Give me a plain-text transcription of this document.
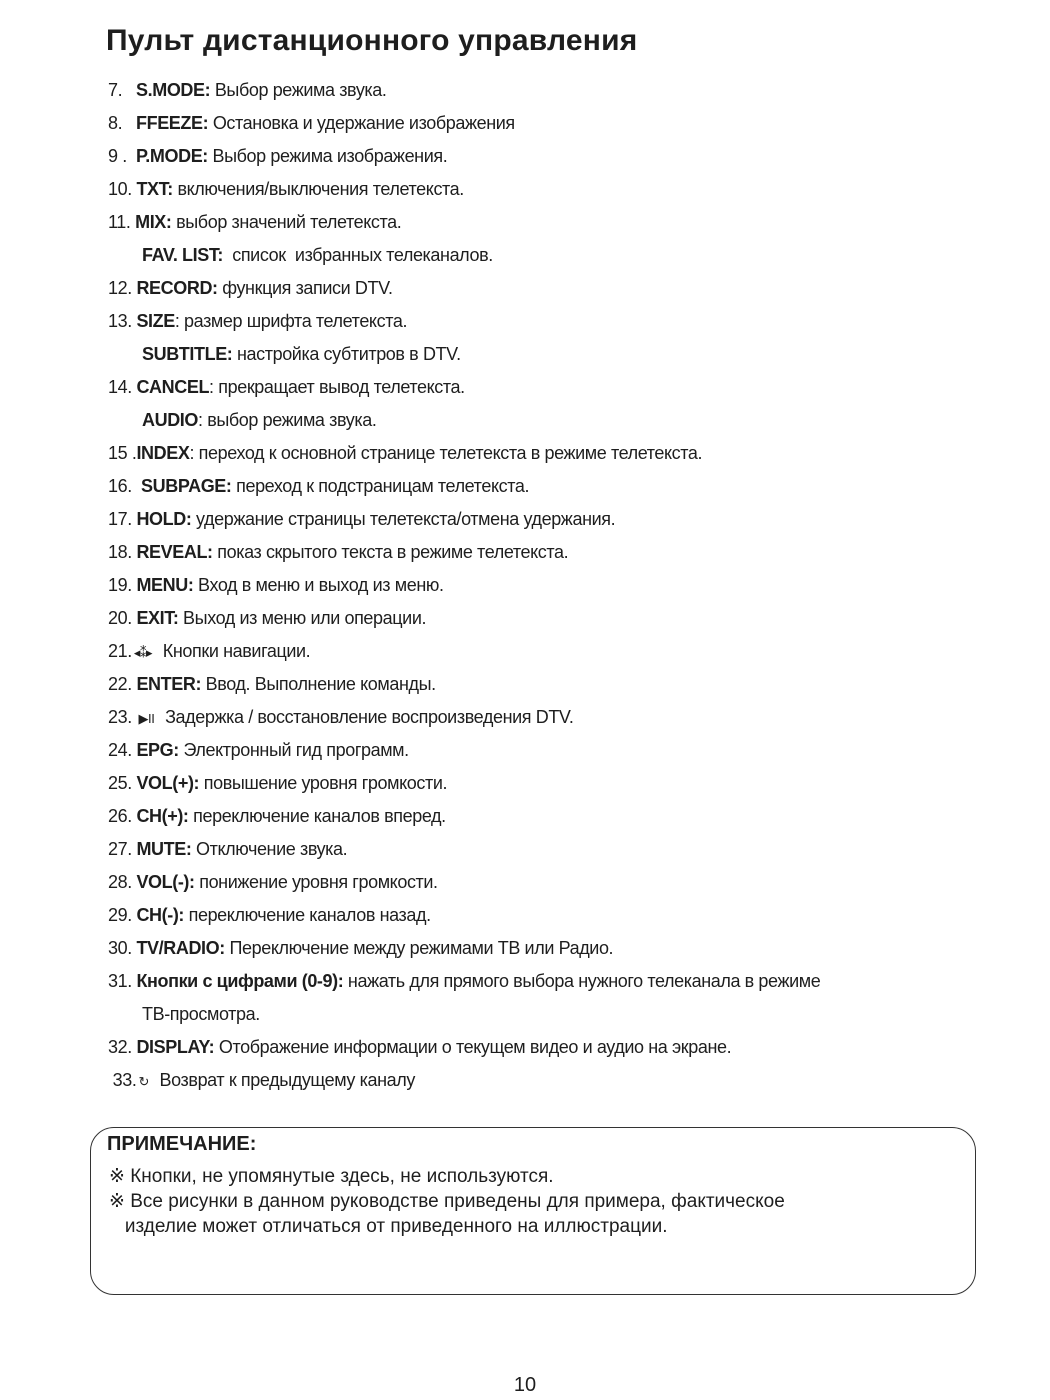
Пульт дистанционного управления
7.   S.MODE: Выбор режима звука.
8.   FFEEZE: Остановка и удержание изображения
9 .  P.MODE: Выбор режима изображения.
10. TXT: включения/выключения телетекста.
11. MIX: выбор значений телетекста.
FAV. LIST:  список  избранных телеканалов.
12. RECORD: функция записи DTV.
13. SIZE: размер шрифта телетекста.
SUBTITLE: настройка субтитров в DTV.
14. CANCEL: прекращает вывод телетекста.
AUDIO: выбор режима звука.
15 .INDEX: переход к основной странице телетекста в режиме телетекста.
16.  SUBPAGE: переход к подстраницам телетекста.
17. HOLD: удержание страницы телетекста/отмена удержания.
18. REVEAL: показ скрытого текста в режиме телетекста.
19. MENU: Вход в меню и выход из меню.
20. EXIT: Выход из меню или операции.
21. ◂⁑▸ Кнопки навигации.
22. ENTER: Ввод. Выполнение команды.
23. ▶II Задержка / восстановление воспроизведения DTV.
24. EPG: Электронный гид программ.
25. VOL(+): повышение уровня громкости.
26. CH(+): переключение каналов вперед.
27. MUTE: Отключение звука.
28. VOL(-): понижение уровня громкости.
29. CH(-): переключение каналов назад.
30. TV/RADIO: Переключение между режимами ТВ или Радио.
31. Кнопки с цифрами (0-9): нажать для прямого выбора нужного телеканала в режиме
ТВ-просмотра.
32. DISPLAY: Отображение информации о текущем видео и аудио на экране.
33. ↻ Возврат к предыдущему каналу
ПРИМЕЧАНИЕ:
※ Кнопки, не упомянутые здесь, не используются.
※ Все рисунки в данном руководстве приведены для примера, фактическое
изделие может отличаться от приведенного на иллюстрации.
10
